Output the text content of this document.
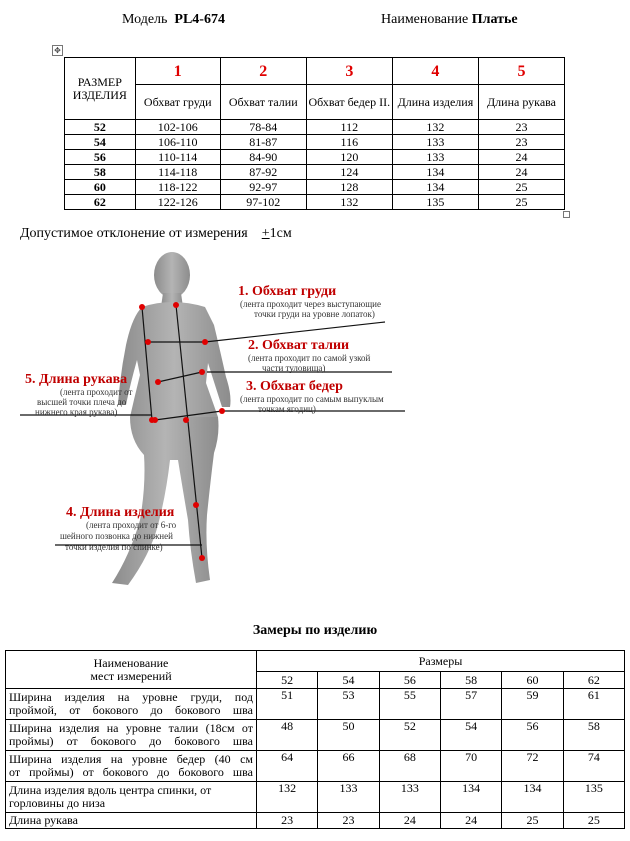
Модель PL4-674	Наименование Платье
✥
РАЗМЕР ИЗДЕЛИЯ	1	2	3	4	5
	Обхват груди	Обхват талии	Обхват бедер II.	Длина изделия	Длина рукава
52	102-106	78-84	112	132	23
54	106-110	81-87	116	133	23
56	110-114	84-90	120	133	24
58	114-118	87-92	124	134	24
60	118-122	92-97	128	134	25
62	122-126	97-102	132	135	25
Допустимое отклонение от измерения +1см
1. Обхват груди
(лента проходит через выступающие
точки груди на уровне лопаток)
2. Обхват талии
(лента проходит по самой узкой
части туловища)
3. Обхват бедер
(лента проходит по самым выпуклым
точкам ягодиц)
5. Длина рукава
(лента проходит от
высшей точки плеча до
нижнего края рукава)
4. Длина изделия
(лента проходит от 6-го
шейного позвонка до нижней
точки изделия по спинке)
Замеры по изделию
Наименование
мест измерений	Размеры					
	52	54	56	58	60	62
Ширина изделия на уровне груди, под
проймой, от бокового до бокового шва	51	53	55	57	59	61
Ширина изделия на уровне талии (18см от
проймы) от бокового до бокового шва	48	50	52	54	56	58
Ширина изделия на уровне бедер (40 см
от проймы) от бокового до бокового шва	64	66	68	70	72	74
Длина изделия вдоль центра спинки, от
горловины до низа	132	133	133	134	134	135
Длина рукава	23	23	24	24	25	25
